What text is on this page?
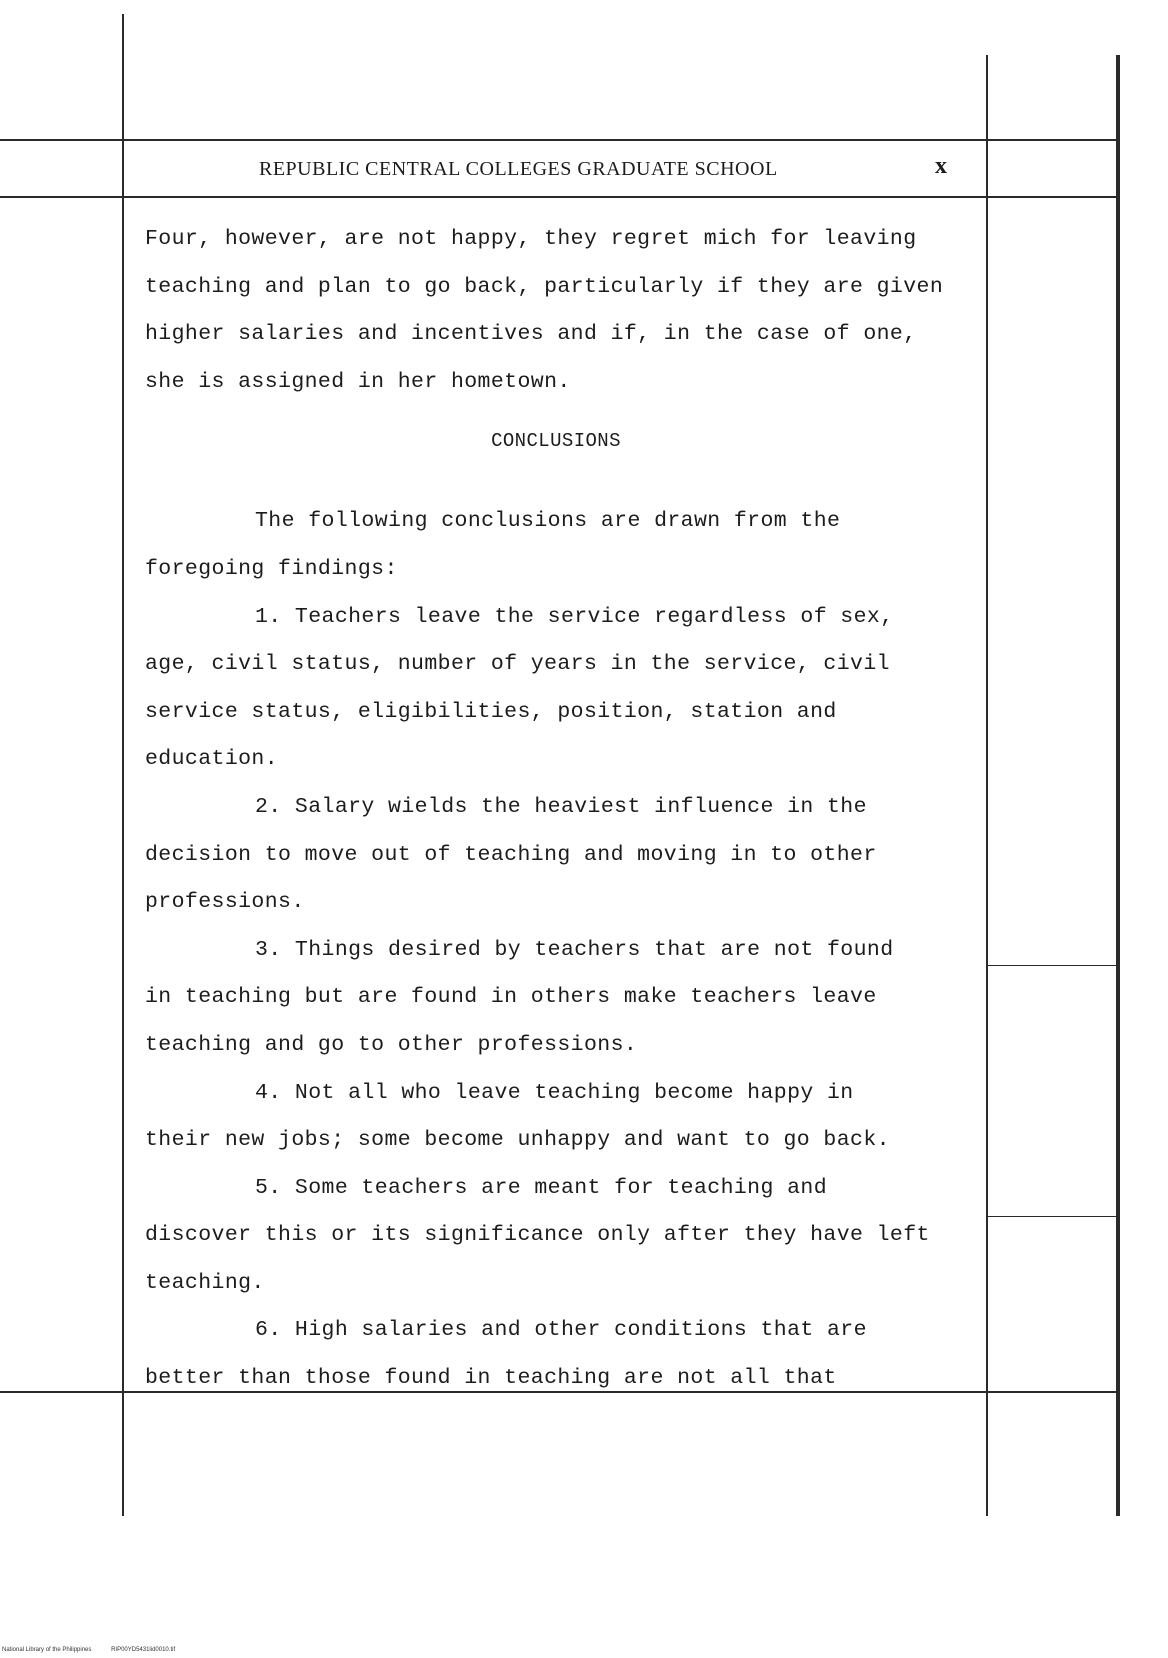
REPUBLIC CENTRAL COLLEGES GRADUATE SCHOOL	x
Four, however, are not happy, they regret mich for leaving
teaching and plan to go back, particularly if they are given
higher salaries and incentives and if, in the case of one,
she is assigned in her hometown.
CONCLUSIONS
The following conclusions are drawn from the
foregoing findings:
1. Teachers leave the service regardless of sex,
age, civil status, number of years in the service, civil
service status, eligibilities, position, station and
education.
2. Salary wields the heaviest influence in the
decision to move out of teaching and moving in to other
professions.
3. Things desired by teachers that are not found
in teaching but are found in others make teachers leave
teaching and go to other professions.
4. Not all who leave teaching become happy in
their new jobs; some become unhappy and want to go back.
5. Some teachers are meant for teaching and
discover this or its significance only after they have left
teaching.
6. High salaries and other conditions that are
better than those found in teaching are not all that
National Library of the Philippines	RIP00YD5431lid0010.tif
